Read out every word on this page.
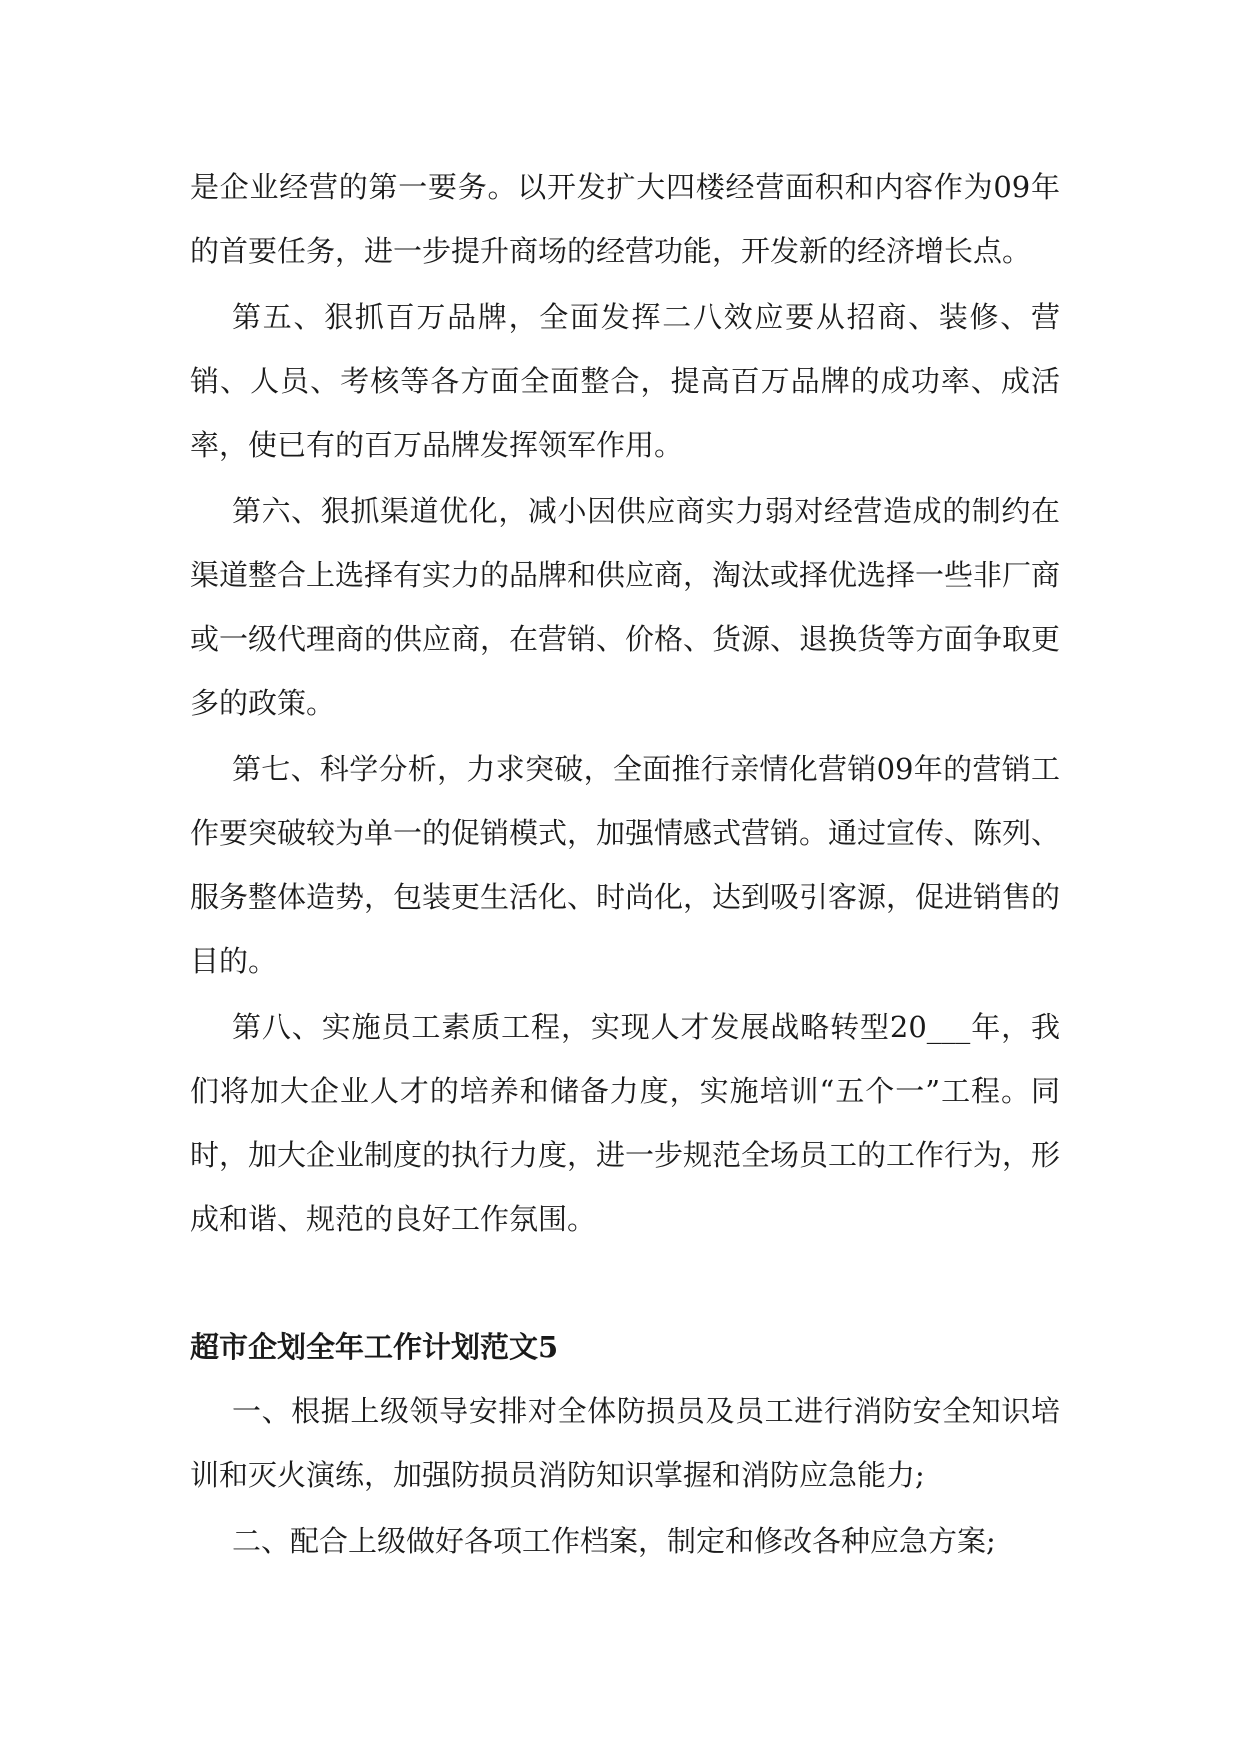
是企业经营的第一要务。以开发扩大四楼经营面积和内容作为09年的首要任务，进一步提升商场的经营功能，开发新的经济增长点。

第五、狠抓百万品牌，全面发挥二八效应要从招商、装修、营销、人员、考核等各方面全面整合，提高百万品牌的成功率、成活率，使已有的百万品牌发挥领军作用。

第六、狠抓渠道优化，减小因供应商实力弱对经营造成的制约在渠道整合上选择有实力的品牌和供应商，淘汰或择优选择一些非厂商或一级代理商的供应商，在营销、价格、货源、退换货等方面争取更多的政策。

第七、科学分析，力求突破，全面推行亲情化营销09年的营销工作要突破较为单一的促销模式，加强情感式营销。通过宣传、陈列、服务整体造势，包装更生活化、时尚化，达到吸引客源，促进销售的目的。

第八、实施员工素质工程，实现人才发展战略转型20___年，我们将加大企业人才的培养和储备力度，实施培训“五个一”工程。同时，加大企业制度的执行力度，进一步规范全场员工的工作行为，形成和谐、规范的良好工作氛围。

超市企划全年工作计划范文5

一、根据上级领导安排对全体防损员及员工进行消防安全知识培训和灭火演练，加强防损员消防知识掌握和消防应急能力;

二、配合上级做好各项工作档案，制定和修改各种应急方案;
